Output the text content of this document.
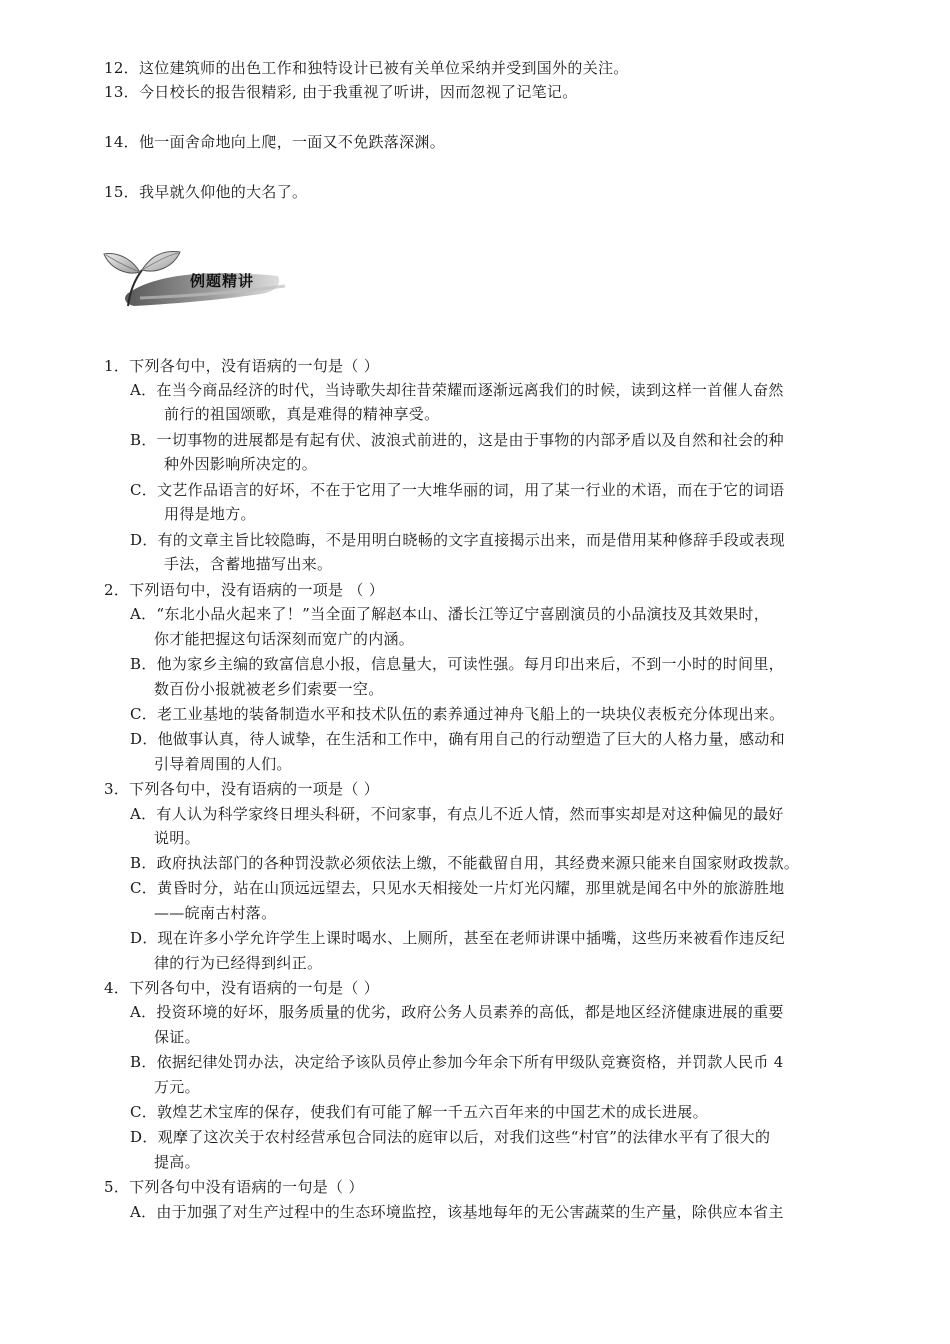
12．这位建筑师的出色工作和独特设计已被有关单位采纳并受到国外的关注。
13．今日校长的报告很精彩, 由于我重视了听讲，因而忽视了记笔记。
14．他一面舍命地向上爬，一面又不免跌落深渊。
15．我早就久仰他的大名了。
例题精讲
1．下列各句中，没有语病的一句是（ ）
A．在当今商品经济的时代，当诗歌失却往昔荣耀而逐渐远离我们的时候，读到这样一首催人奋然
前行的祖国颂歌，真是难得的精神享受。
B．一切事物的进展都是有起有伏、波浪式前进的，这是由于事物的内部矛盾以及自然和社会的种
种外因影响所决定的。
C．文艺作品语言的好坏，不在于它用了一大堆华丽的词，用了某一行业的术语，而在于它的词语
用得是地方。
D．有的文章主旨比较隐晦，不是用明白晓畅的文字直接揭示出来，而是借用某种修辞手段或表现
手法，含蓄地描写出来。
2．下列语句中，没有语病的一项是 （ ）
A．“东北小品火起来了！”当全面了解赵本山、潘长江等辽宁喜剧演员的小品演技及其效果时，
你才能把握这句话深刻而宽广的内涵。
B．他为家乡主编的致富信息小报，信息量大，可读性强。每月印出来后，不到一小时的时间里，
数百份小报就被老乡们索要一空。
C．老工业基地的装备制造水平和技术队伍的素养通过神舟飞船上的一块块仪表板充分体现出来。
D．他做事认真，待人诚挚，在生活和工作中，确有用自己的行动塑造了巨大的人格力量，感动和
引导着周围的人们。
3．下列各句中，没有语病的一项是（ ）
A．有人认为科学家终日埋头科研，不问家事，有点儿不近人情，然而事实却是对这种偏见的最好
说明。
B．政府执法部门的各种罚没款必须依法上缴，不能截留自用，其经费来源只能来自国家财政拨款。
C．黄昏时分，站在山顶远远望去，只见水天相接处一片灯光闪耀，那里就是闻名中外的旅游胜地
——皖南古村落。
D．现在许多小学允许学生上课时喝水、上厕所，甚至在老师讲课中插嘴，这些历来被看作违反纪
律的行为已经得到纠正。
4．下列各句中，没有语病的一句是（ ）
A．投资环境的好坏，服务质量的优劣，政府公务人员素养的高低，都是地区经济健康进展的重要
保证。
B．依据纪律处罚办法，决定给予该队员停止参加今年余下所有甲级队竞赛资格，并罚款人民币 4
万元。
C．敦煌艺术宝库的保存，使我们有可能了解一千五六百年来的中国艺术的成长进展。
D．观摩了这次关于农村经营承包合同法的庭审以后，对我们这些“村官”的法律水平有了很大的
提高。
5．下列各句中没有语病的一句是（ ）
A．由于加强了对生产过程中的生态环境监控，该基地每年的无公害蔬菜的生产量，除供应本省主
